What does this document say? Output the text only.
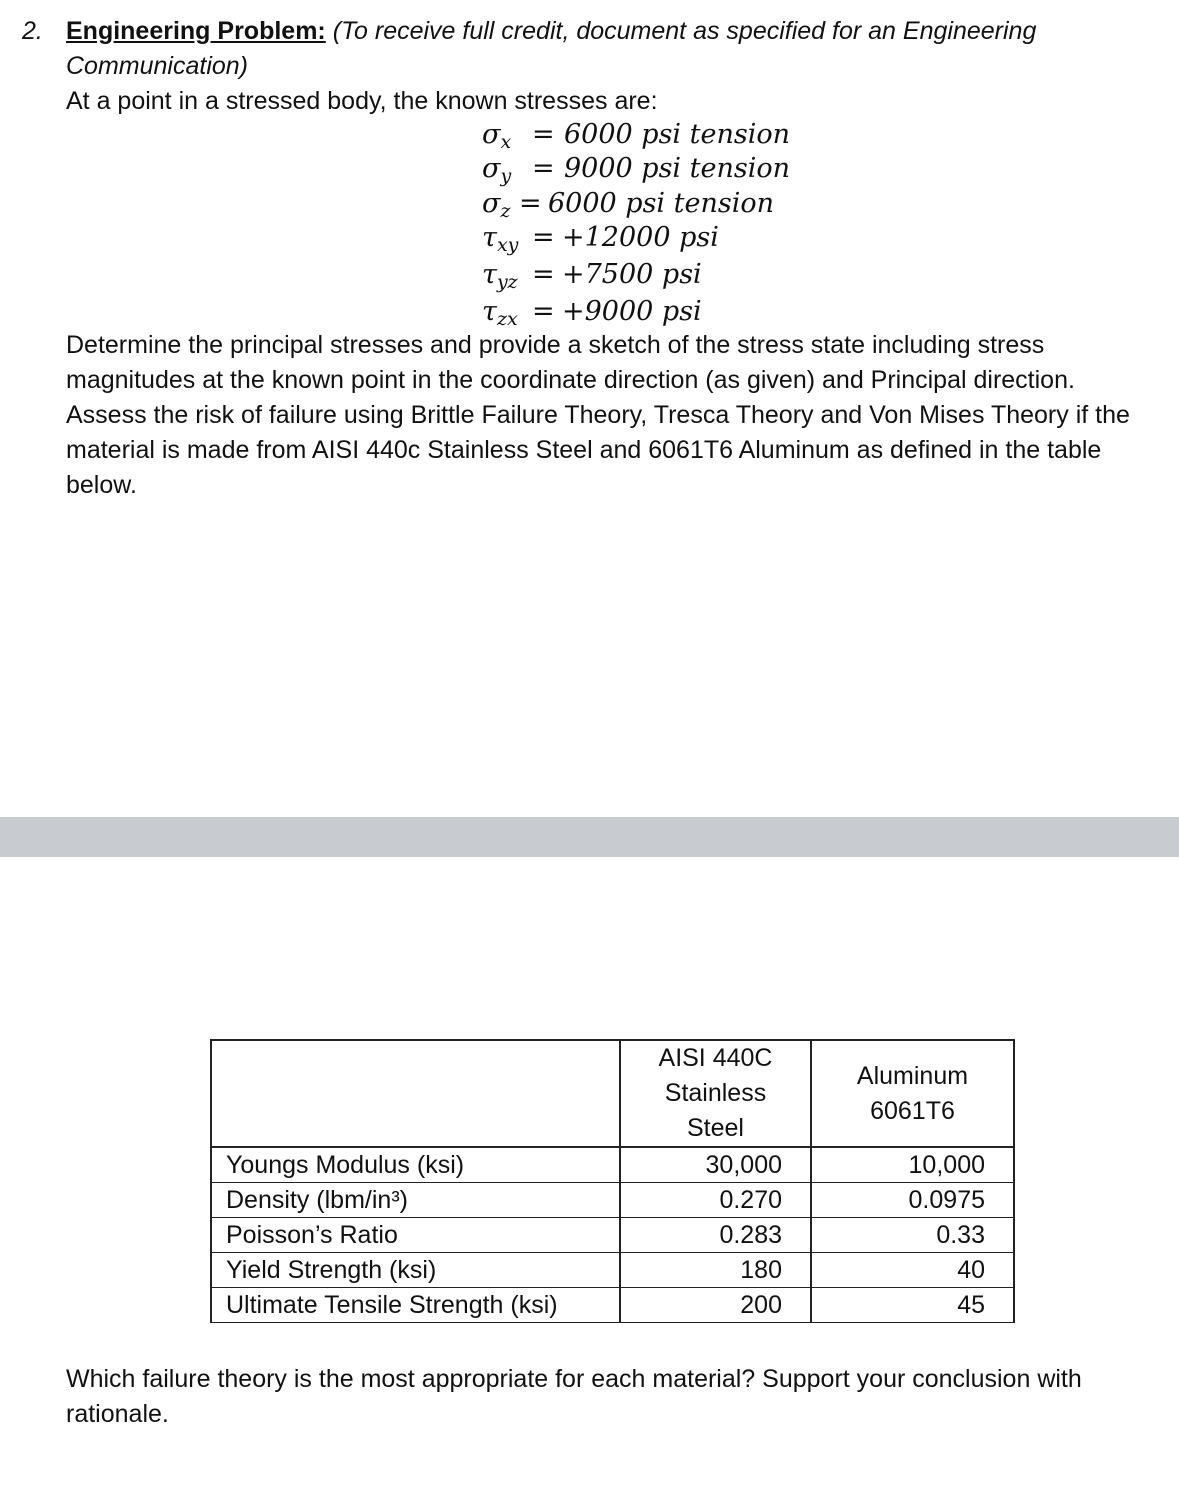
2. Engineering Problem: (To receive full credit, document as specified for an Engineering
Communication)
At a point in a stressed body, the known stresses are:
σx = 6000 psi tension
σy = 9000 psi tension
σz = 6000 psi tension
τxy = +12000 psi
τyz = +7500 psi
τzx = +9000 psi
Determine the principal stresses and provide a sketch of the stress state including stress
magnitudes at the known point in the coordinate direction (as given) and Principal direction.
Assess the risk of failure using Brittle Failure Theory, Tresca Theory and Von Mises Theory if the
material is made from AISI 440c Stainless Steel and 6061T6 Aluminum as defined in the table
below.

	AISI 440C
Stainless
Steel	Aluminum
6061T6

Youngs Modulus (ksi)	30,000	10,000
Density (lbm/in³)	0.270	0.0975
Poisson’s Ratio	0.283	0.33
Yield Strength (ksi)	180	40
Ultimate Tensile Strength (ksi)	200	45
Which failure theory is the most appropriate for each material? Support your conclusion with
rationale.
